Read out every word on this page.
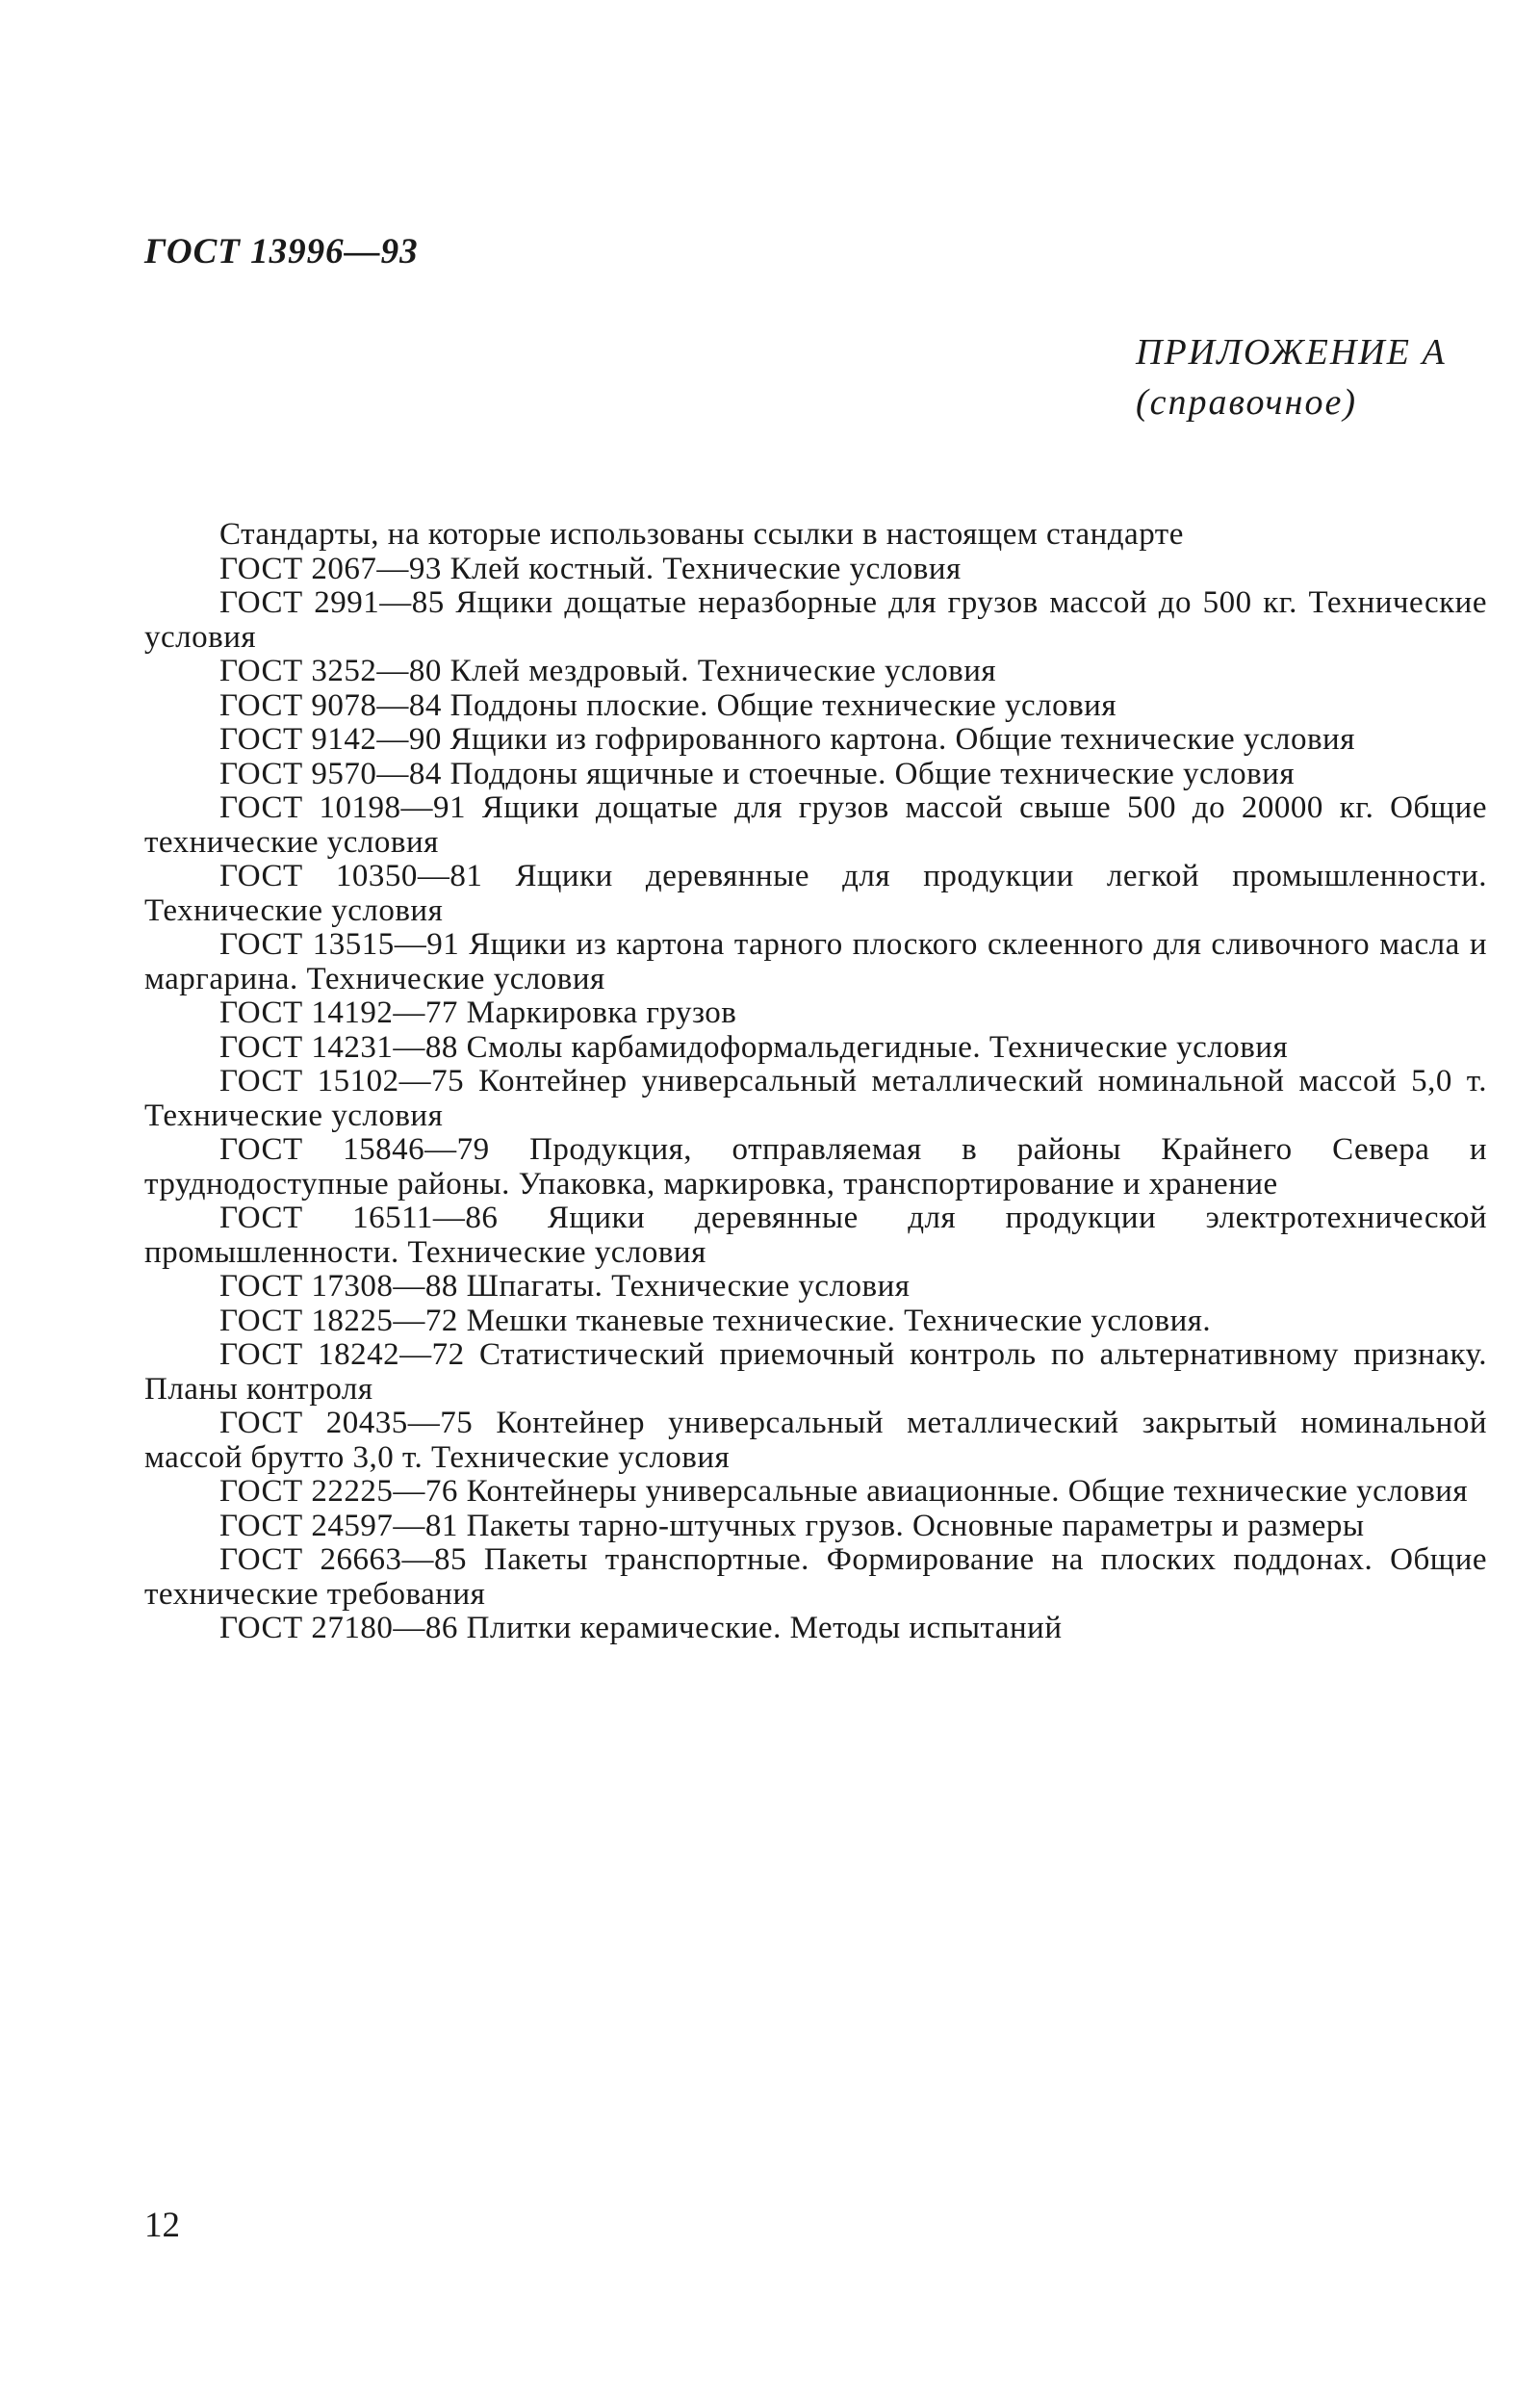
ГОСТ 13996—93
ПРИЛОЖЕНИЕ А
(справочное)

Стандарты, на которые использованы ссылки в настоящем стандарте

ГОСТ 2067—93 Клей костный. Технические условия

ГОСТ 2991—85 Ящики дощатые неразборные для грузов массой до 500 кг. Технические условия

ГОСТ 3252—80 Клей мездровый. Технические условия

ГОСТ 9078—84 Поддоны плоские. Общие технические условия

ГОСТ 9142—90 Ящики из гофрированного картона. Общие технические условия

ГОСТ 9570—84 Поддоны ящичные и стоечные. Общие технические условия

ГОСТ 10198—91 Ящики дощатые для грузов массой свыше 500 до 20000 кг. Общие технические условия

ГОСТ 10350—81 Ящики деревянные для продукции легкой промышленности. Технические условия

ГОСТ 13515—91 Ящики из картона тарного плоского склеенного для сливочного масла и маргарина. Технические условия

ГОСТ 14192—77 Маркировка грузов

ГОСТ 14231—88 Смолы карбамидоформальдегидные. Технические условия

ГОСТ 15102—75 Контейнер универсальный металлический номинальной массой 5,0 т. Технические условия

ГОСТ 15846—79 Продукция, отправляемая в районы Крайнего Севера и труднодоступные районы. Упаковка, маркировка, транспортирование и хранение

ГОСТ 16511—86 Ящики деревянные для продукции электротехнической промышленности. Технические условия

ГОСТ 17308—88 Шпагаты. Технические условия

ГОСТ 18225—72 Мешки тканевые технические. Технические условия.

ГОСТ 18242—72 Статистический приемочный контроль по альтернативному признаку. Планы контроля

ГОСТ 20435—75 Контейнер универсальный металлический закрытый номинальной массой брутто 3,0 т. Технические условия

ГОСТ 22225—76 Контейнеры универсальные авиационные. Общие технические условия

ГОСТ 24597—81 Пакеты тарно-штучных грузов. Основные параметры и размеры

ГОСТ 26663—85 Пакеты транспортные. Формирование на плоских поддонах. Общие технические требования

ГОСТ 27180—86 Плитки керамические. Методы испытаний

12
